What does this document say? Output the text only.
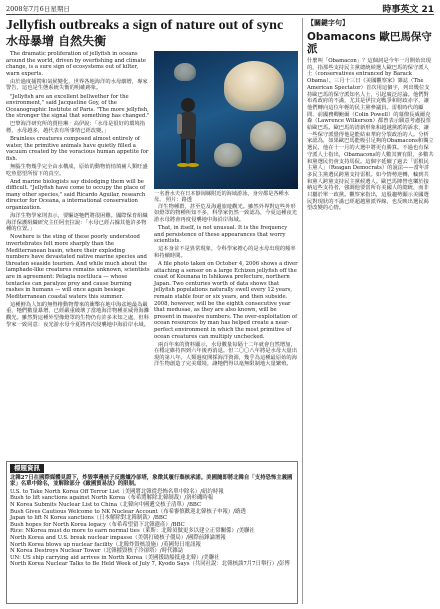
2008年7月6日星期日	時事英文 21
Jellyfish outbreaks a sign of nature out of sync
水母暴增 自然失衡

The dramatic proliferation of jellyfish in oceans around the world, driven by overfishing and climate change, is a sure sign of ecosystems out of kilter, warn experts.

由於過度捕撈和氣候變化，世界各地海洋的水母劇增，專家警告，這也是生態系統失衡的明確跡象。

"Jellyfish are an excellent bellwether for the environment," said Jacqueline Goy, of the Oceanographic Institute of Paris. "The more jellyfish, the stronger the signal that something has changed."

巴黎海洋研究所的賈桂琳‧高伊說：「水母是很好的環境指標，水母越多，越代表有所事情已經改變。」

Brainless creatures composed almost entirely of water, the primitive animals have quietly filled a vacuum created by the voracious human appetite for fish.

無腦生物幾乎完全由水構成，原始的動物悄悄填補人類旺盛吃魚慾望所留下的真空。

And marine biologists say dislodging them will be difficult. "Jellyfish have come to occupy the place of many other species," said Ricardo Aguilar, research director for Oceana, a international conservation organization.

海洋生物學家則表示，要驅逐牠們將很困難。國際保育組織海洋保護組織研究主任阿奎拉說：「水母已經占據其他許多物種的位置。」

Nowhere is the sting of these poorly understood invertebrates felt more sharply than the Mediterranean basin, where their exploding numbers have devastated native marine species and threaten seaside tourism. And while much about the lamphade-like creatures remains unknown, scientists are in agreement: Pelagia noctiluca — whose tentacles can paralyze prey and cause burning rashes in humans — will once again besiege Mediterranean coastal waters this summer.

這種鮮為人知的無脊椎動物帶來的衝擊在地中海盆地最為嚴重，牠們數量暴增，已經嚴重破壞了當地海洋物種並威脅海灘觀光。雖然對這種外型像燈罩的生物仍有許多未知之處，但科學家一致同意：夜光游水母今夏將再次侵襲地中海沿岸水域。

一名潛水夫在日本靜岡縣附近的海域游泳，身旁都是各種水母。 照片：路透

洋生物種群，甚至危及海邊旅遊觀光。雖然外界對這些外形如燈罩的物種所知不多，科學家仍然一致認為，今夏這種夜光游水母將會再度侵襲地中海沿岸海域。

That, in itself, is not unusual. It is the frequency and persistence of these appearances that worry scientists.

這本身並不是異常現象，令科學家擔心的是水母出現的頻率和持續時間。

A file photo taken on October 4, 2006 shows a diver attaching a sensor on a large Echizen jellyfish off the coast of Kounana in Ishikawa prefecture, northern Japan. Two centuries worth of data shows that jellyfish populations naturally swell every 12 years, remain stable four or six years, and then subside. 2008, however, will be the eighth consecutive year that medusae, as they are also known, will be present in massive numbers. The over-exploitation of ocean resources by man has helped create a near-perfect environment in which the most primitive of ocean creatures can multiply unchecked.

兩百年來的資料顯示，水母數量每隔十二年就會自然增加，在穩定維持四到六年後再消退。但二〇〇八年將是水母大量出現的第八年。人類過度開採海洋資源，幾乎為這種最原始的海洋生物創造了完美環境，讓牠們得以毫無限制地大量繁殖。

標題資訊
北韓27日在國際媒體見證下，炸毀寧邊核子反應爐冷卻塔，象徵其履行棄核承諾。美國隨即將北韓自「支持恐怖主義國家」名單中除名，並解除部分《敵國貿易法》的限制。
U.S. to Take North Korea Off Terror List（美國將北韓從恐怖名單中除名）/紐約時報
Bush to lift sanctions against North Korea（布希將解除北韓制裁）/洛杉磯時報
N Korea Submits Nuclear List to China（北韓向中國遞交核子清單）/BBC
Bush Gives Cautious Welcome to NK Nuclear Account（布希審慎歡迎北韓核子申報）/路透
Japan to lift N Korea sanctions（日本解除對北韓制裁）/BBC
Bush hopes for North Korea legacy（布希希望留下北韓遺產）/BBC
Rice: NKorea must do more to earn normal ties（萊斯：北韓須做更多以建立正常關係）/美聯社
North Korea and U.S. break nuclear impasse（美朝打破核子僵局）/國際前鋒論壇報
North Korea blows up nuclear facility（北韓炸毀核設施）/英國每日電訊報
N Korea Destroys Nuclear Tower（北韓摧毀核子冷卻塔）/時代雜誌
UN: US ship carrying aid arrives in North Korea（美國援助船抵達北韓）/美聯社
North Korea Nuclear Talks to Be Held Week of July 7, Kyodo Says（共同社說：北韓核談7月7日舉行）/彭博
【關鍵字句】
Obamacons 歐巴馬保守派
什麼叫「Obamacon」？這個詞是今年一月開始出現的，指那些支持民主黨總統候選人歐巴馬的保守派人士（conservatives entranced by Barack Obama）。三月十三日《美國觀察家》雜誌（The American Spectator）首次用這個字，列出幾位支持歐巴馬的保守派知名人士，引起廣泛討論。他們對布希政府的不滿，尤其是伊拉克戰爭和財政赤字，讓他們轉向這位年輕的民主黨參議員。雷根時代的顧問、前國務卿鮑爾（Colin Powell）的幕僚長威爾克森（Lawrence Wilkerson）都曾表示願意考慮投票給歐巴馬。歐巴馬的清新形象和超越黨派的訴求，讓一些保守派覺得他是能結束華府分裂政治的人。分析家認為，如果歐巴馬能吸引足夠的Obamacons和獨立選民，他在十一月的大選中將更有勝算。不過也有保守派人士指出，Obamacons的人數其實有限，多數共和黨選民仍會支持馬侃。這個字延續了過去「雷根民主黨人」（Reagan Democrats）的說法——當年許多民主黨選民跨黨支持雷根。如今情勢逆轉，輪到共和黨人跨黨支持民主黨候選人。歐巴馬陣營也樂於接納這些支持者，強調他要當所有美國人的總統，而非只屬於單一政黨。觀察家指出，這股趨勢顯示美國選民對現狀的不滿已經超越黨派界線，也反映出選民渴望改變的心情。
